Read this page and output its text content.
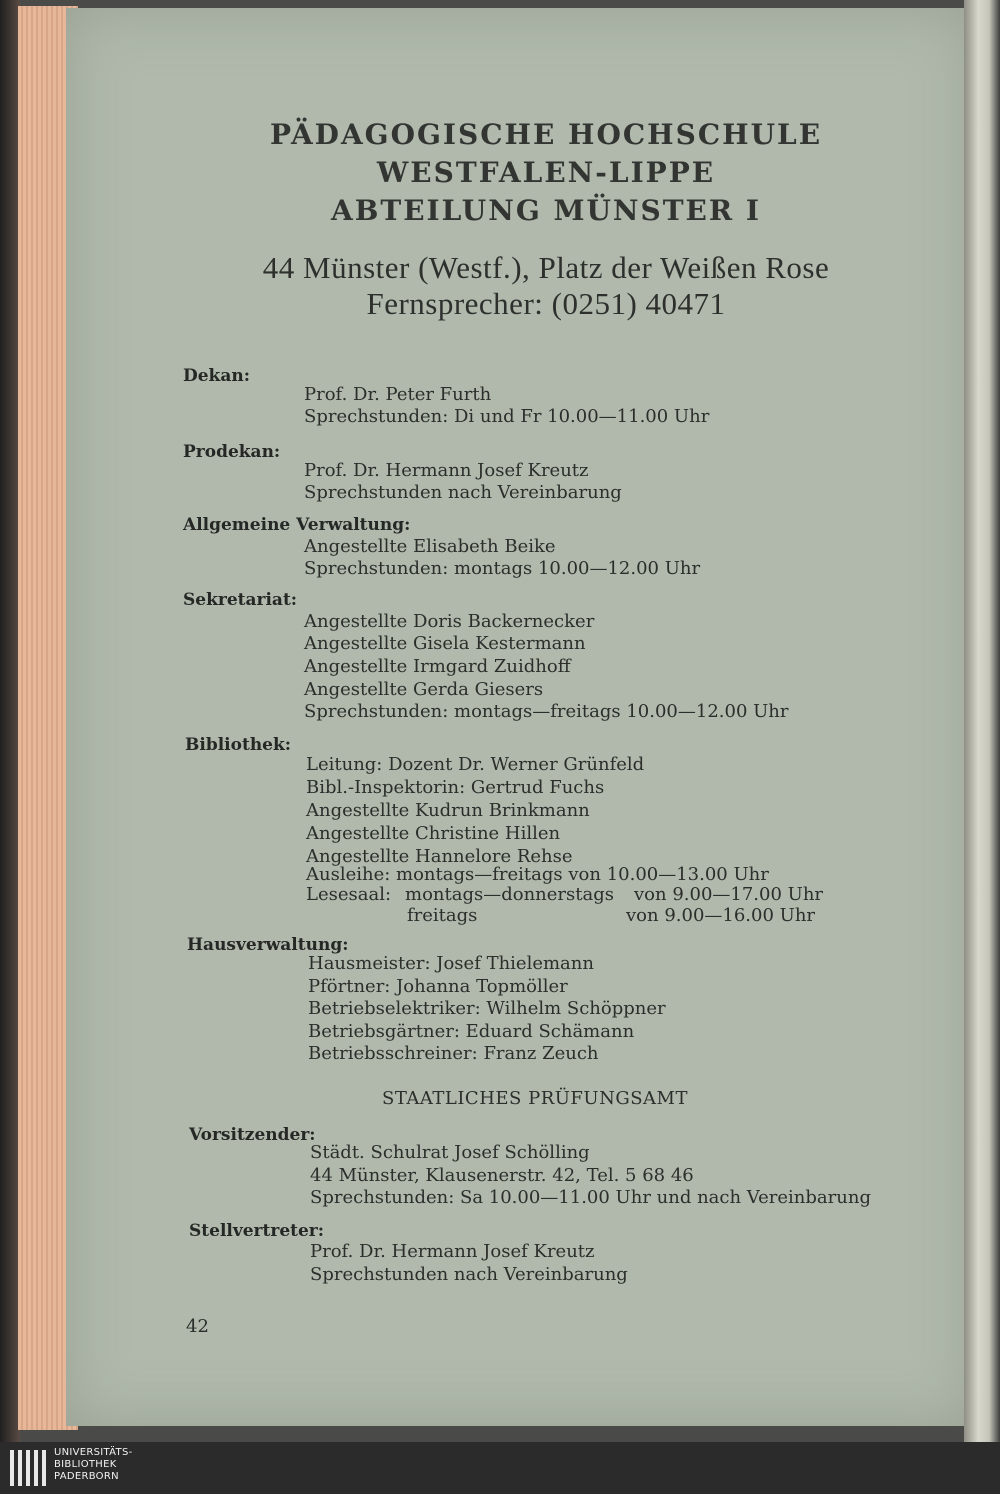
PÄDAGOGISCHE HOCHSCHULE
WESTFALEN-LIPPE
ABTEILUNG MÜNSTER I
44 Münster (Westf.), Platz der Weißen Rose
Fernsprecher: (0251) 40471
Dekan:
Prof. Dr. Peter Furth
Sprechstunden: Di und Fr 10.00—11.00 Uhr
Prodekan:
Prof. Dr. Hermann Josef Kreutz
Sprechstunden nach Vereinbarung
Allgemeine Verwaltung:
Angestellte Elisabeth Beike
Sprechstunden: montags 10.00—12.00 Uhr
Sekretariat:
Angestellte Doris Backernecker
Angestellte Gisela Kestermann
Angestellte Irmgard Zuidhoff
Angestellte Gerda Giesers
Sprechstunden: montags—freitags 10.00—12.00 Uhr
Bibliothek:
Leitung: Dozent Dr. Werner Grünfeld
Bibl.-Inspektorin: Gertrud Fuchs
Angestellte Kudrun Brinkmann
Angestellte Christine Hillen
Angestellte Hannelore Rehse
Ausleihe: montags—freitags von 10.00—13.00 Uhr
Lesesaal: montags—donnerstags von 9.00—17.00 Uhr
freitags	von 9.00—16.00 Uhr
Hausverwaltung:
Hausmeister: Josef Thielemann
Pförtner: Johanna Topmöller
Betriebselektriker: Wilhelm Schöppner
Betriebsgärtner: Eduard Schämann
Betriebsschreiner: Franz Zeuch
STAATLICHES PRÜFUNGSAMT
Vorsitzender:
Städt. Schulrat Josef Schölling
44 Münster, Klausenerstr. 42, Tel. 5 68 46
Sprechstunden: Sa 10.00—11.00 Uhr und nach Vereinbarung
Stellvertreter:
Prof. Dr. Hermann Josef Kreutz
Sprechstunden nach Vereinbarung
42
UNIVERSITÄTS-
BIBLIOTHEK
PADERBORN
